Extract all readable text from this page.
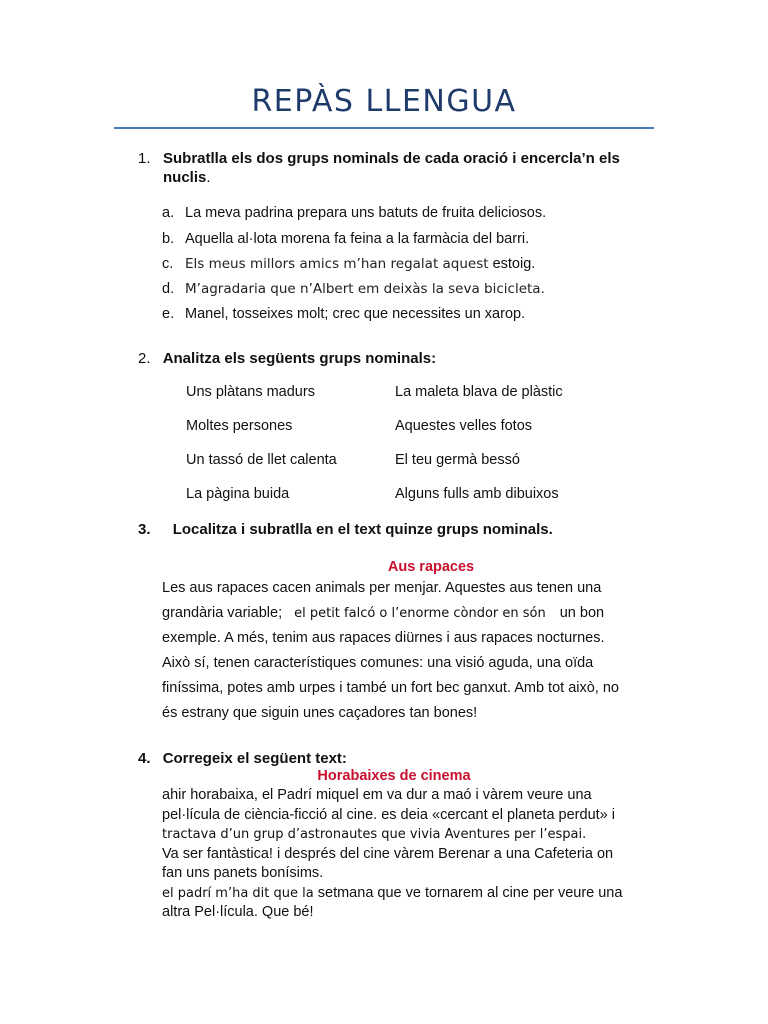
REPÀS LLENGUA
1. Subratlla els dos grups nominals de cada oració i encercla’n els nuclis.
a. La meva padrina prepara uns batuts de fruita deliciosos.
b. Aquella al·lota morena fa feina a la farmàcia del barri.
c. Els meus millors amics m’han regalat aquest estoig.
d. M’agradaria que n’Albert em deixàs la seva bicicleta.
e. Manel, tosseixes molt; crec que necessites un xarop.
2. Analitza els següents grups nominals:
Uns plàtans madurs
Moltes persones
Un tassó de llet calenta
La pàgina buida
La maleta blava de plàstic
Aquestes velles fotos
El teu germà bessó
Alguns fulls amb dibuixos
3. Localitza i subratlla en el text quinze grups nominals.
Aus rapaces
Les aus rapaces cacen animals per menjar. Aquestes aus tenen una
grandària variable; el petit falcó o l’enorme còndor en són un bon
exemple. A més, tenim aus rapaces diürnes i aus rapaces nocturnes.
Això sí, tenen característiques comunes: una visió aguda, una oïda
finíssima, potes amb urpes i també un fort bec ganxut. Amb tot això, no
és estrany que siguin unes caçadores tan bones!
4. Corregeix el següent text:
Horabaixes de cinema
ahir horabaixa, el Padrí miquel em va dur a maó i vàrem veure una
pel·lícula de ciència-ficció al cine. es deia «cercant el planeta perdut» i
tractava d’un grup d’astronautes que vivia Aventures per l’espai.
Va ser fantàstica! i després del cine vàrem Berenar a una Cafeteria on
fan uns panets bonísims.
el padrí m’ha dit que la setmana que ve tornarem al cine per veure una
altra Pel·lícula. Que bé!
